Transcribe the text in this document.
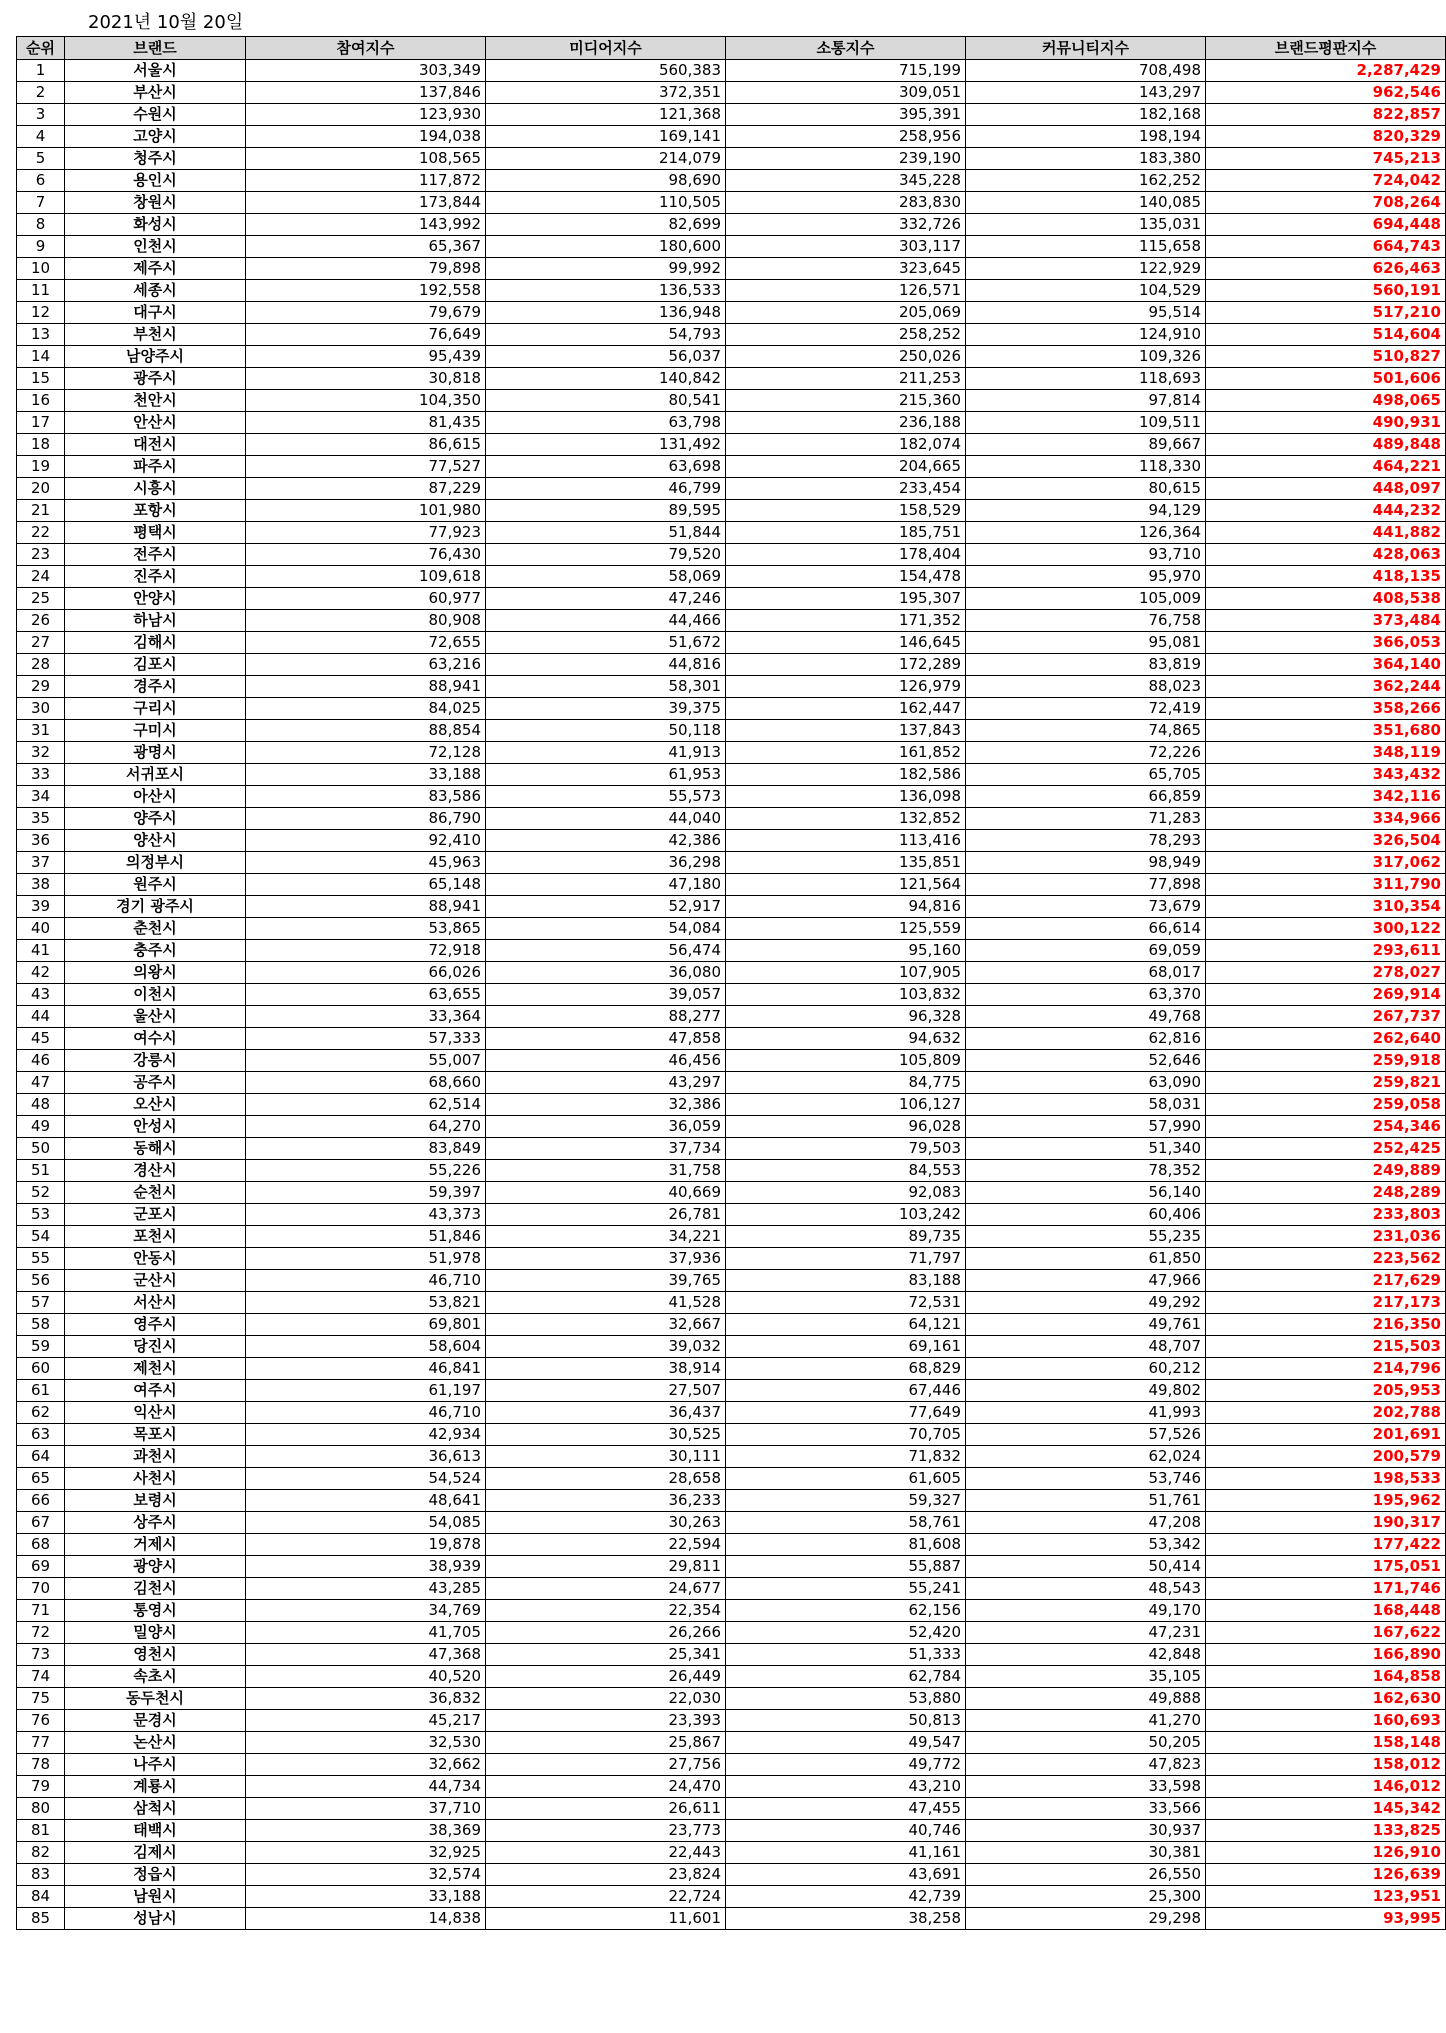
2021년 10월 20일
순위	브랜드	참여지수	미디어지수	소통지수	커뮤니티지수	브랜드평판지수
1	서울시	303,349	560,383	715,199	708,498	2,287,429
2	부산시	137,846	372,351	309,051	143,297	962,546
3	수원시	123,930	121,368	395,391	182,168	822,857
4	고양시	194,038	169,141	258,956	198,194	820,329
5	청주시	108,565	214,079	239,190	183,380	745,213
6	용인시	117,872	98,690	345,228	162,252	724,042
7	창원시	173,844	110,505	283,830	140,085	708,264
8	화성시	143,992	82,699	332,726	135,031	694,448
9	인천시	65,367	180,600	303,117	115,658	664,743
10	제주시	79,898	99,992	323,645	122,929	626,463
11	세종시	192,558	136,533	126,571	104,529	560,191
12	대구시	79,679	136,948	205,069	95,514	517,210
13	부천시	76,649	54,793	258,252	124,910	514,604
14	남양주시	95,439	56,037	250,026	109,326	510,827
15	광주시	30,818	140,842	211,253	118,693	501,606
16	천안시	104,350	80,541	215,360	97,814	498,065
17	안산시	81,435	63,798	236,188	109,511	490,931
18	대전시	86,615	131,492	182,074	89,667	489,848
19	파주시	77,527	63,698	204,665	118,330	464,221
20	시흥시	87,229	46,799	233,454	80,615	448,097
21	포항시	101,980	89,595	158,529	94,129	444,232
22	평택시	77,923	51,844	185,751	126,364	441,882
23	전주시	76,430	79,520	178,404	93,710	428,063
24	진주시	109,618	58,069	154,478	95,970	418,135
25	안양시	60,977	47,246	195,307	105,009	408,538
26	하남시	80,908	44,466	171,352	76,758	373,484
27	김해시	72,655	51,672	146,645	95,081	366,053
28	김포시	63,216	44,816	172,289	83,819	364,140
29	경주시	88,941	58,301	126,979	88,023	362,244
30	구리시	84,025	39,375	162,447	72,419	358,266
31	구미시	88,854	50,118	137,843	74,865	351,680
32	광명시	72,128	41,913	161,852	72,226	348,119
33	서귀포시	33,188	61,953	182,586	65,705	343,432
34	아산시	83,586	55,573	136,098	66,859	342,116
35	양주시	86,790	44,040	132,852	71,283	334,966
36	양산시	92,410	42,386	113,416	78,293	326,504
37	의정부시	45,963	36,298	135,851	98,949	317,062
38	원주시	65,148	47,180	121,564	77,898	311,790
39	경기 광주시	88,941	52,917	94,816	73,679	310,354
40	춘천시	53,865	54,084	125,559	66,614	300,122
41	충주시	72,918	56,474	95,160	69,059	293,611
42	의왕시	66,026	36,080	107,905	68,017	278,027
43	이천시	63,655	39,057	103,832	63,370	269,914
44	울산시	33,364	88,277	96,328	49,768	267,737
45	여수시	57,333	47,858	94,632	62,816	262,640
46	강릉시	55,007	46,456	105,809	52,646	259,918
47	공주시	68,660	43,297	84,775	63,090	259,821
48	오산시	62,514	32,386	106,127	58,031	259,058
49	안성시	64,270	36,059	96,028	57,990	254,346
50	동해시	83,849	37,734	79,503	51,340	252,425
51	경산시	55,226	31,758	84,553	78,352	249,889
52	순천시	59,397	40,669	92,083	56,140	248,289
53	군포시	43,373	26,781	103,242	60,406	233,803
54	포천시	51,846	34,221	89,735	55,235	231,036
55	안동시	51,978	37,936	71,797	61,850	223,562
56	군산시	46,710	39,765	83,188	47,966	217,629
57	서산시	53,821	41,528	72,531	49,292	217,173
58	영주시	69,801	32,667	64,121	49,761	216,350
59	당진시	58,604	39,032	69,161	48,707	215,503
60	제천시	46,841	38,914	68,829	60,212	214,796
61	여주시	61,197	27,507	67,446	49,802	205,953
62	익산시	46,710	36,437	77,649	41,993	202,788
63	목포시	42,934	30,525	70,705	57,526	201,691
64	과천시	36,613	30,111	71,832	62,024	200,579
65	사천시	54,524	28,658	61,605	53,746	198,533
66	보령시	48,641	36,233	59,327	51,761	195,962
67	상주시	54,085	30,263	58,761	47,208	190,317
68	거제시	19,878	22,594	81,608	53,342	177,422
69	광양시	38,939	29,811	55,887	50,414	175,051
70	김천시	43,285	24,677	55,241	48,543	171,746
71	통영시	34,769	22,354	62,156	49,170	168,448
72	밀양시	41,705	26,266	52,420	47,231	167,622
73	영천시	47,368	25,341	51,333	42,848	166,890
74	속초시	40,520	26,449	62,784	35,105	164,858
75	동두천시	36,832	22,030	53,880	49,888	162,630
76	문경시	45,217	23,393	50,813	41,270	160,693
77	논산시	32,530	25,867	49,547	50,205	158,148
78	나주시	32,662	27,756	49,772	47,823	158,012
79	계룡시	44,734	24,470	43,210	33,598	146,012
80	삼척시	37,710	26,611	47,455	33,566	145,342
81	태백시	38,369	23,773	40,746	30,937	133,825
82	김제시	32,925	22,443	41,161	30,381	126,910
83	정읍시	32,574	23,824	43,691	26,550	126,639
84	남원시	33,188	22,724	42,739	25,300	123,951
85	성남시	14,838	11,601	38,258	29,298	93,995
